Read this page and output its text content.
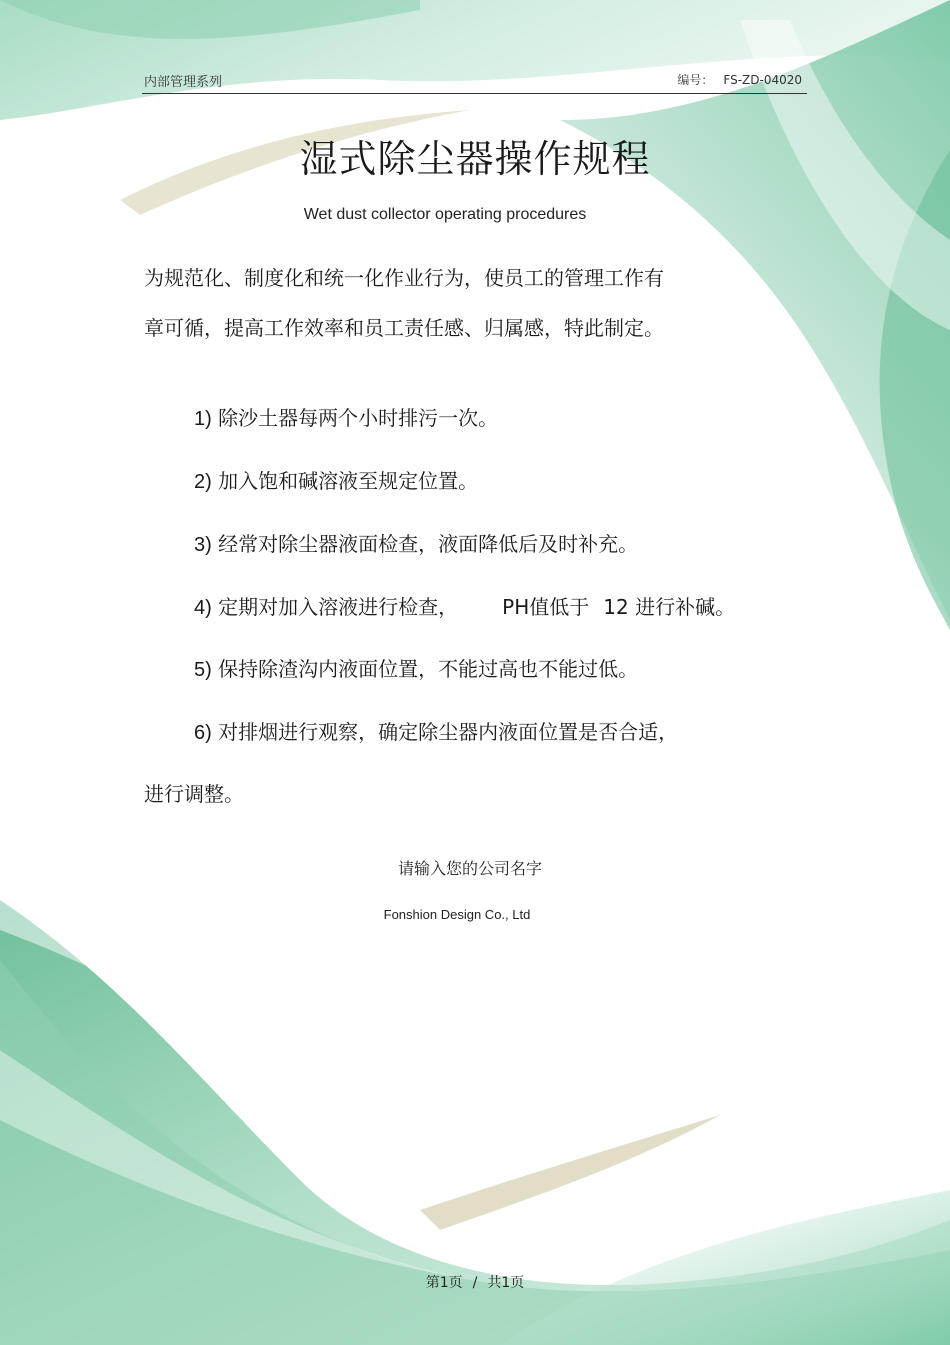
内部管理系列	编号： FS-ZD-04020
湿式除尘器操作规程
Wet dust collector operating procedures
为规范化、制度化和统一化作业行为，使员工的管理工作有
章可循，提高工作效率和员工责任感、归属感，特此制定。
1) 除沙土器每两个小时排污一次。
2) 加入饱和碱溶液至规定位置。
3) 经常对除尘器液面检查，液面降低后及时补充。
4) 定期对加入溶液进行检查， PH值低于 12 进行补碱。
5) 保持除渣沟内液面位置，不能过高也不能过低。
6) 对排烟进行观察，确定除尘器内液面位置是否合适，
进行调整。
请输入您的公司名字
Fonshion Design Co., Ltd
第1页 / 共1页
